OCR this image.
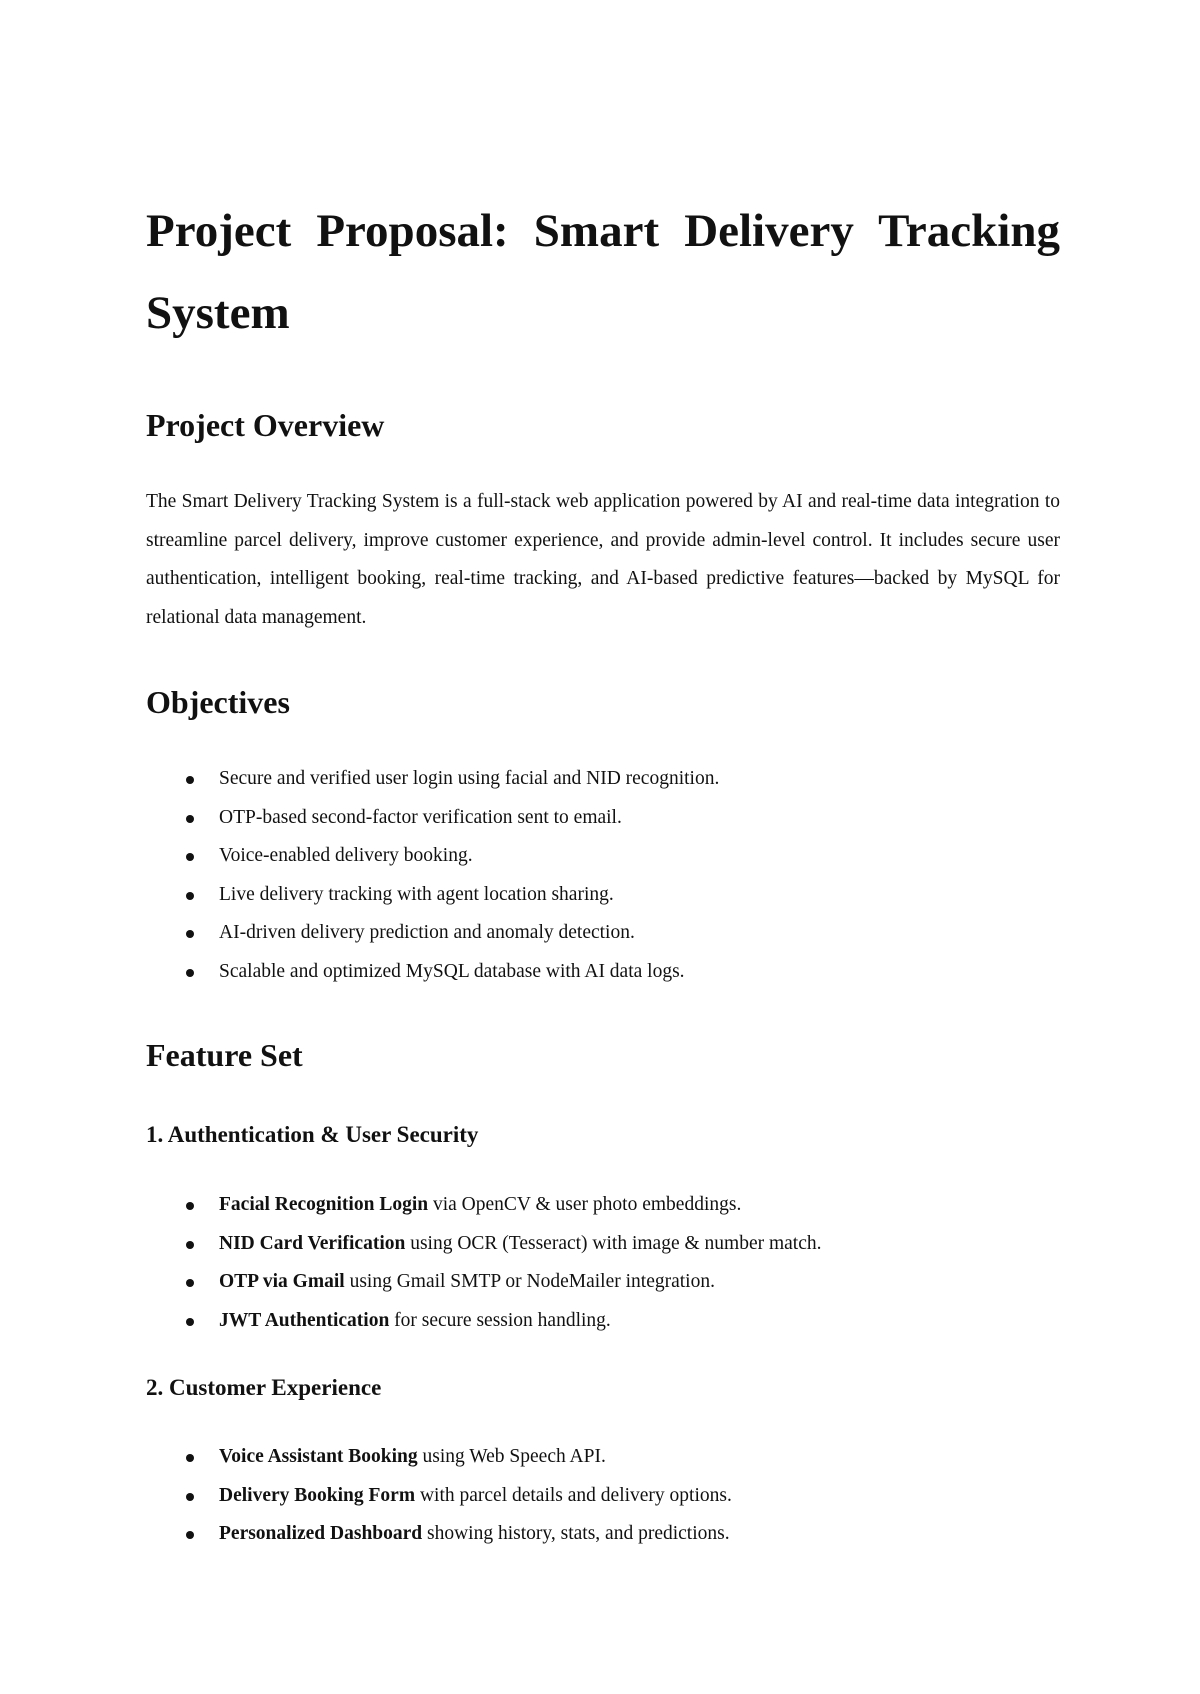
Project Proposal: Smart Delivery Tracking System
Project Overview

The Smart Delivery Tracking System is a full-stack web application powered by AI and real-time data integration to streamline parcel delivery, improve customer experience, and provide admin-level control. It includes secure user authentication, intelligent booking, real-time tracking, and AI-based predictive features—backed by MySQL for relational data management.

Objectives
Secure and verified user login using facial and NID recognition.
OTP-based second-factor verification sent to email.
Voice-enabled delivery booking.
Live delivery tracking with agent location sharing.
AI-driven delivery prediction and anomaly detection.
Scalable and optimized MySQL database with AI data logs.
Feature Set
1. Authentication & User Security
Facial Recognition Login via OpenCV & user photo embeddings.
NID Card Verification using OCR (Tesseract) with image & number match.
OTP via Gmail using Gmail SMTP or NodeMailer integration.
JWT Authentication for secure session handling.
2. Customer Experience
Voice Assistant Booking using Web Speech API.
Delivery Booking Form with parcel details and delivery options.
Personalized Dashboard showing history, stats, and predictions.
